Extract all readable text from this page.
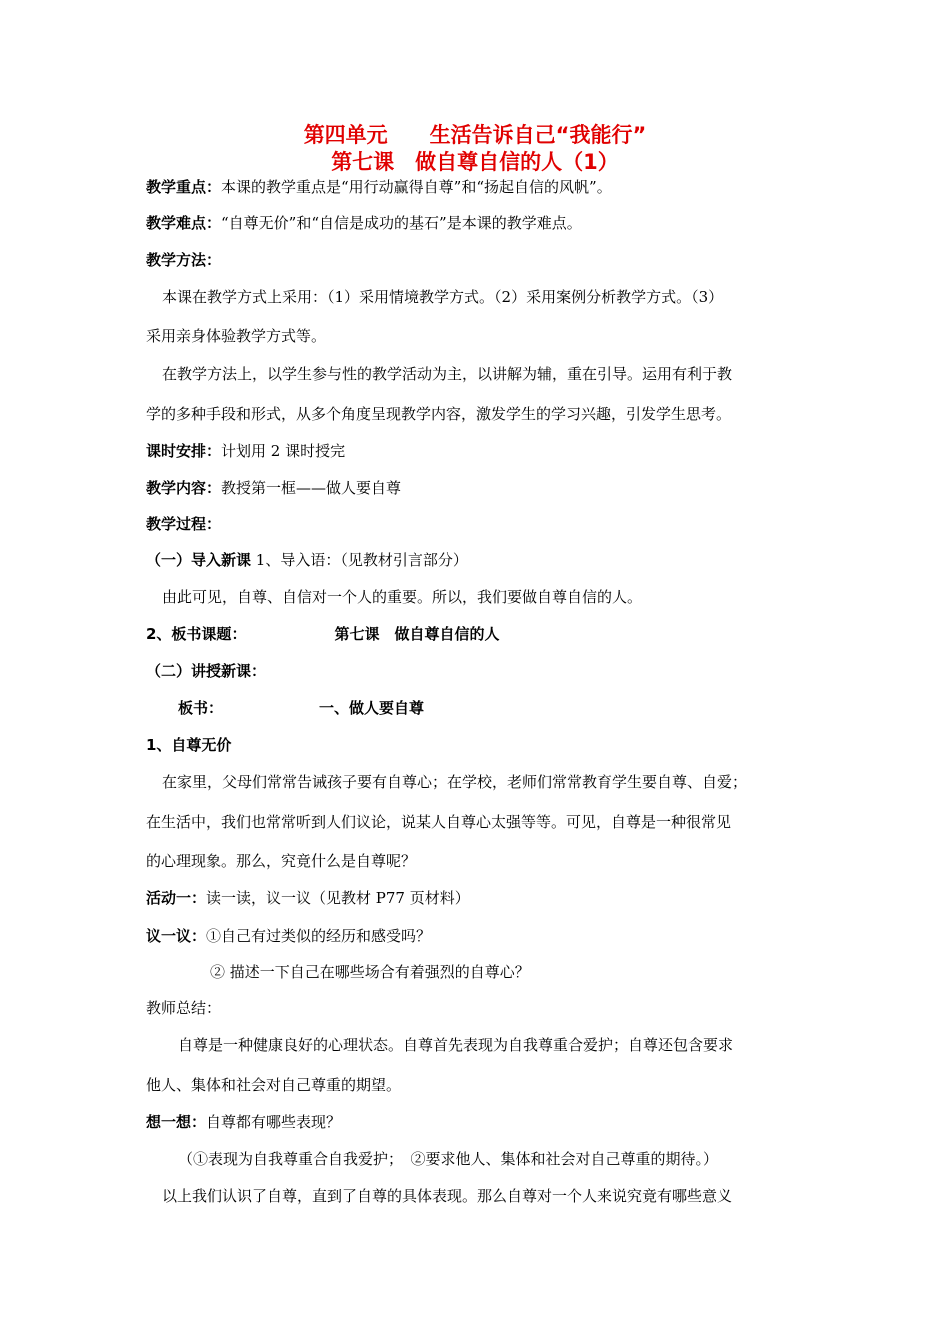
第四单元　　生活告诉自己“我能行”
第七课　做自尊自信的人（1）
教学重点：本课的教学重点是“用行动赢得自尊”和“扬起自信的风帆”。
教学难点：“自尊无价”和“自信是成功的基石”是本课的教学难点。
教学方法：
本课在教学方式上采用：（1）采用情境教学方式。（2）采用案例分析教学方式。（3）
采用亲身体验教学方式等。
在教学方法上，以学生参与性的教学活动为主，以讲解为辅，重在引导。运用有利于教
学的多种手段和形式，从多个角度呈现教学内容，激发学生的学习兴趣，引发学生思考。
课时安排：计划用 2 课时授完
教学内容：教授第一框——做人要自尊
教学过程：
（一）导入新课 1、导入语：（见教材引言部分）
由此可见，自尊、自信对一个人的重要。所以，我们要做自尊自信的人。
2、板书课题：	第七课　做自尊自信的人
（二）讲授新课：
板书：	一、做人要自尊
1、自尊无价
在家里，父母们常常告诫孩子要有自尊心；在学校，老师们常常教育学生要自尊、自爱；
在生活中，我们也常常听到人们议论，说某人自尊心太强等等。可见，自尊是一种很常见
的心理现象。那么，究竟什么是自尊呢？
活动一：读一读，议一议（见教材 P77 页材料）
议一议：①自己有过类似的经历和感受吗？
② 描述一下自己在哪些场合有着强烈的自尊心？
教师总结：
自尊是一种健康良好的心理状态。自尊首先表现为自我尊重合爱护；自尊还包含要求
他人、集体和社会对自己尊重的期望。
想一想：自尊都有哪些表现？
（①表现为自我尊重合自我爱护；　②要求他人、集体和社会对自己尊重的期待。）
以上我们认识了自尊，直到了自尊的具体表现。那么自尊对一个人来说究竟有哪些意义
